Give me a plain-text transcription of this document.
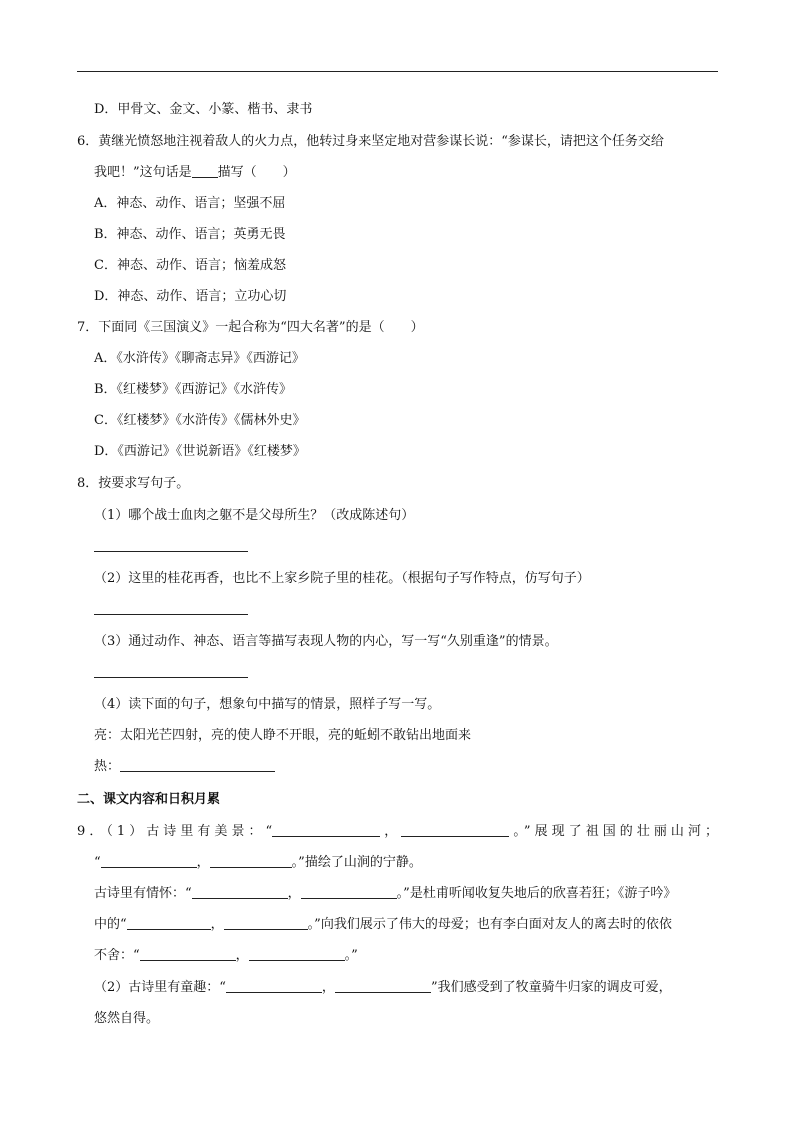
D．甲骨文、金文、小篆、楷书、隶书
6．黄继光愤怒地注视着敌人的火力点，他转过身来坚定地对营参谋长说：“参谋长，请把这个任务交给
我吧！”这句话是 描写（　　）
A．神态、动作、语言；坚强不屈
B．神态、动作、语言；英勇无畏
C．神态、动作、语言；恼羞成怒
D．神态、动作、语言；立功心切
7．下面同《三国演义》一起合称为“四大名著”的是（　　）
A．《水浒传》《聊斋志异》《西游记》
B．《红楼梦》《西游记》《水浒传》
C．《红楼梦》《水浒传》《儒林外史》
D．《西游记》《世说新语》《红楼梦》
8．按要求写句子。
（1）哪个战士血肉之躯不是父母所生？（改成陈述句）
（2）这里的桂花再香，也比不上家乡院子里的桂花。（根据句子写作特点，仿写句子）
（3）通过动作、神态、语言等描写表现人物的内心，写一写“久别重逢”的情景。
（4）读下面的句子，想象句中描写的情景，照样子写一写。
亮：太阳光芒四射，亮的使人睁不开眼，亮的蚯蚓不敢钻出地面来
热：
二、课文内容和日积月累
9．（1）古诗里有美景：“	，	。”展现了祖国的壮丽山河；
“	，	。”描绘了山涧的宁静。
古诗里有情怀：“	，	。”是杜甫听闻收复失地后的欣喜若狂；《游子吟》
中的“	，	。”向我们展示了伟大的母爱；也有李白面对友人的离去时的依依
不舍：“	，	。”
（2）古诗里有童趣：“	，	”我们感受到了牧童骑牛归家的调皮可爱，
悠然自得。
